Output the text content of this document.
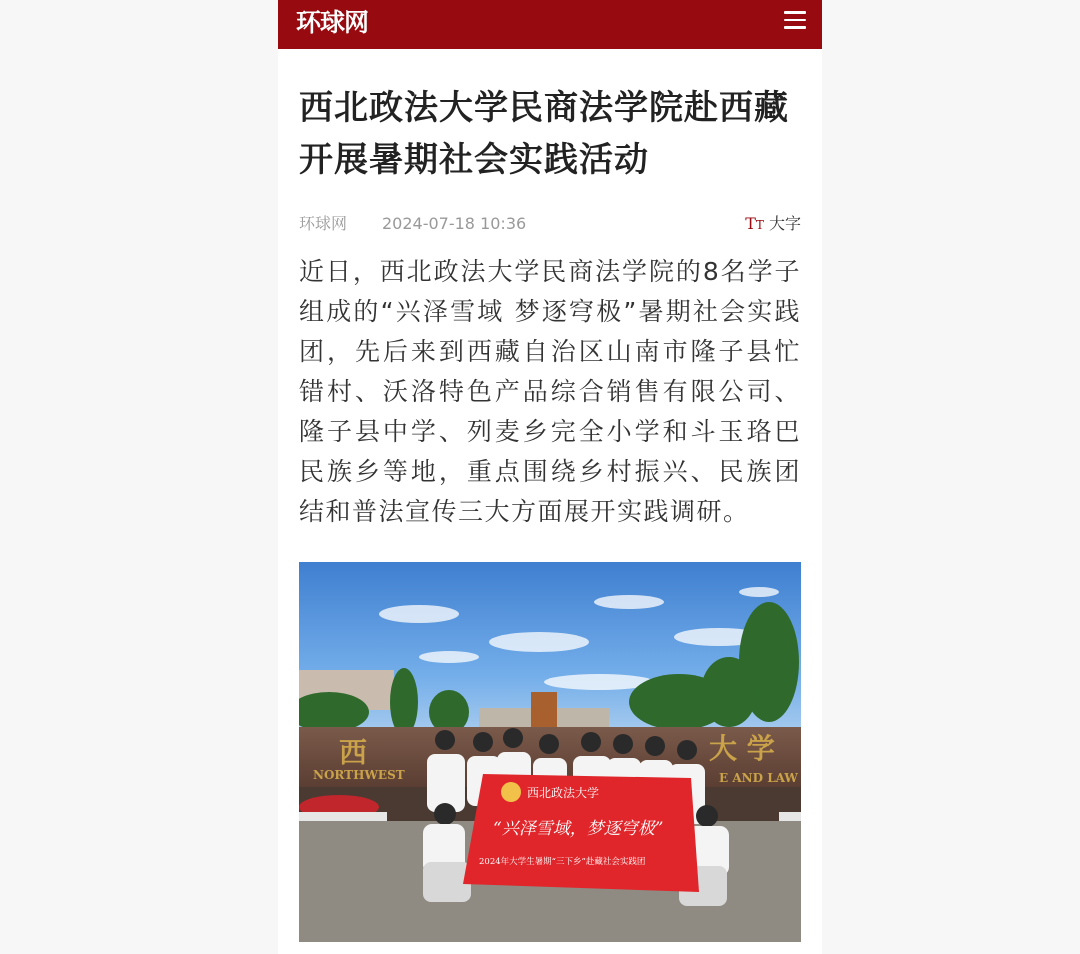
环球网
西北政法大学民商法学院赴西藏开展暑期社会实践活动
环球网 2024-07-18 10:36	TT 大字

近日，西北政法大学民商法学院的8名学子组成的“兴泽雪域 梦逐穹极”暑期社会实践团，先后来到西藏自治区山南市隆子县忙错村、沃洛特色产品综合销售有限公司、隆子县中学、列麦乡完全小学和斗玉珞巴民族乡等地，重点围绕乡村振兴、民族团结和普法宣传三大方面展开实践调研。

西	大 学
NORTHWEST	E AND LAW
西北政法大学
“兴泽雪域，梦逐穹极”
2024年大学生暑期“三下乡”赴藏社会实践团
